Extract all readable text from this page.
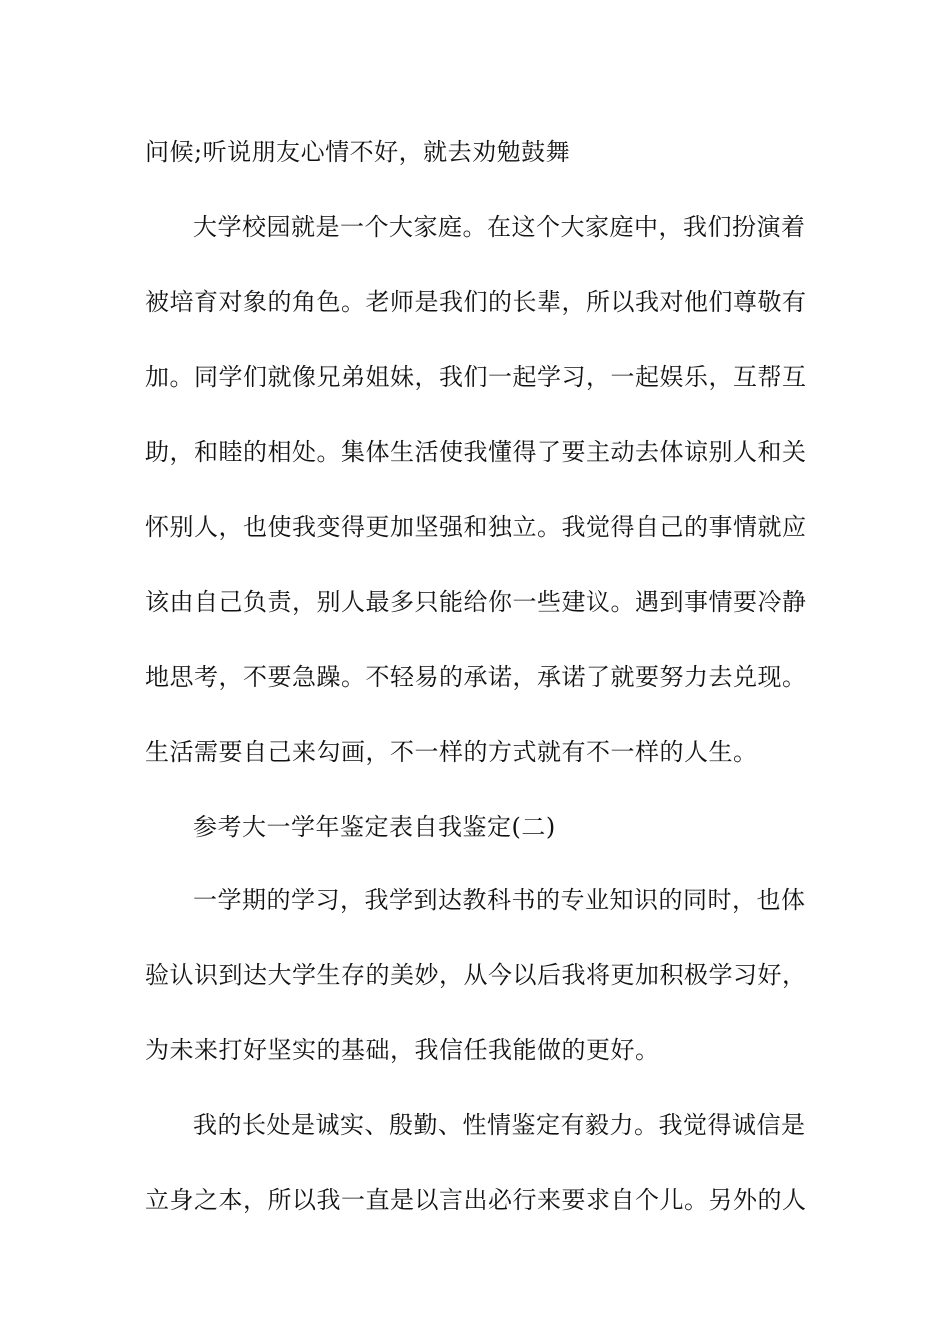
问候;听说朋友心情不好，就去劝勉鼓舞

大学校园就是一个大家庭。在这个大家庭中，我们扮演着

被培育对象的角色。老师是我们的长辈，所以我对他们尊敬有

加。同学们就像兄弟姐妹，我们一起学习，一起娱乐，互帮互

助，和睦的相处。集体生活使我懂得了要主动去体谅别人和关

怀别人，也使我变得更加坚强和独立。我觉得自己的事情就应

该由自己负责，别人最多只能给你一些建议。遇到事情要冷静

地思考，不要急躁。不轻易的承诺，承诺了就要努力去兑现。

生活需要自己来勾画，不一样的方式就有不一样的人生。

参考大一学年鉴定表自我鉴定(二)

一学期的学习，我学到达教科书的专业知识的同时，也体

验认识到达大学生存的美妙，从今以后我将更加积极学习好，

为未来打好坚实的基础，我信任我能做的更好。

我的长处是诚实、殷勤、性情鉴定有毅力。我觉得诚信是

立身之本，所以我一直是以言出必行来要求自个儿。另外的人
